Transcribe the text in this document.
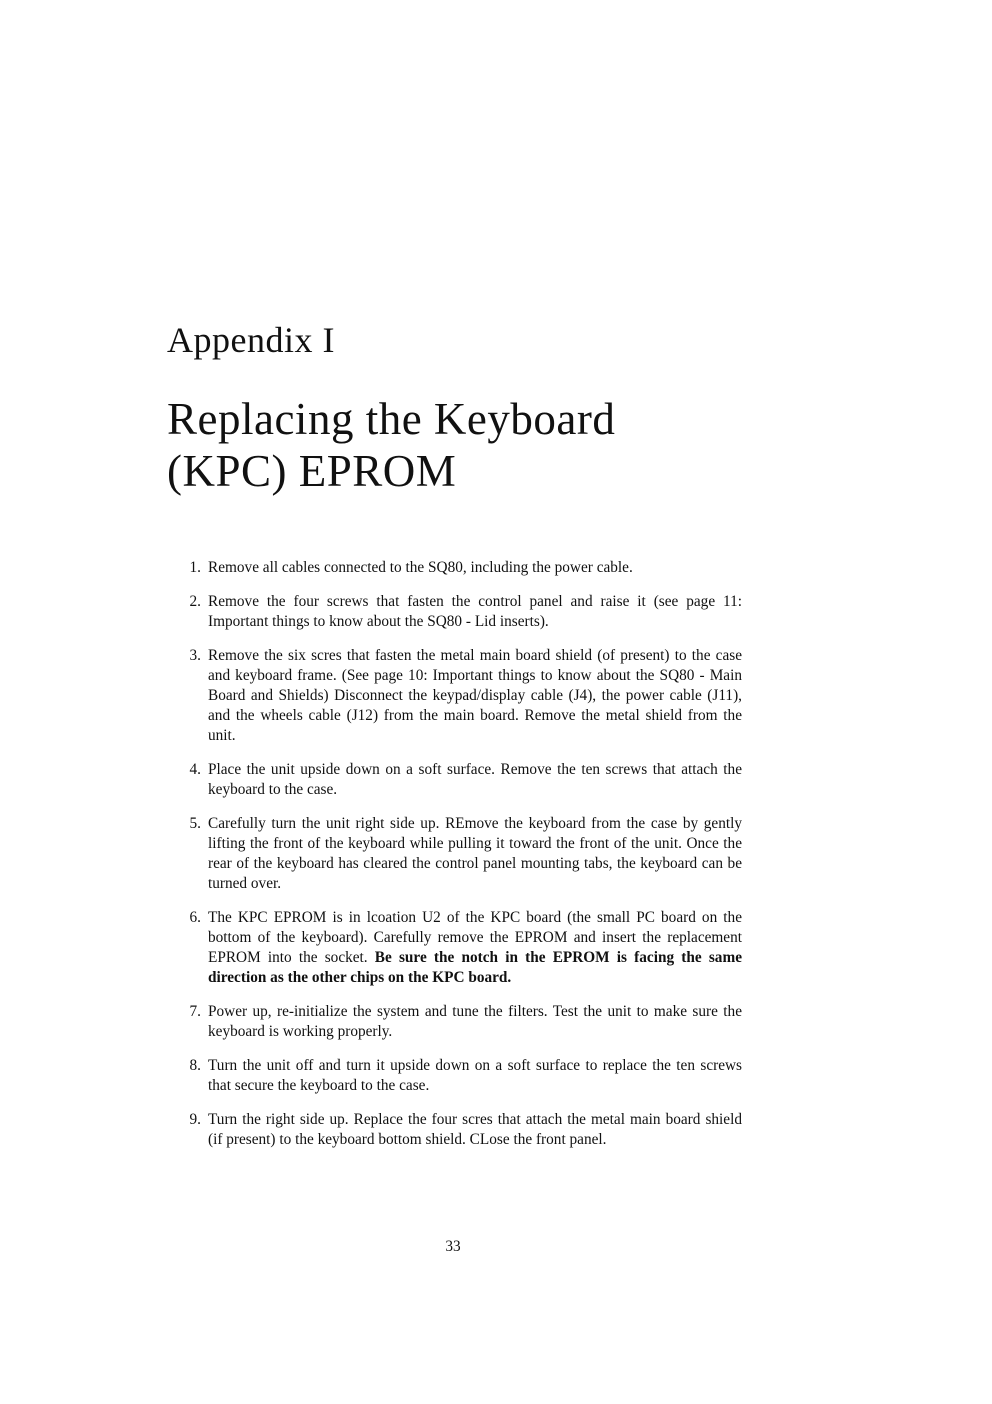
Appendix I
Replacing the Keyboard
(KPC) EPROM
1. Remove all cables connected to the SQ80, including the power cable.
2. Remove the four screws that fasten the control panel and raise it (see page 11: Important things to know about the SQ80 - Lid inserts).
3. Remove the six scres that fasten the metal main board shield (of present) to the case and keyboard frame. (See page 10: Important things to know about the SQ80 - Main Board and Shields) Disconnect the keypad/display cable (J4), the power cable (J11), and the wheels cable (J12) from the main board. Remove the metal shield from the unit.
4. Place the unit upside down on a soft surface. Remove the ten screws that attach the keyboard to the case.
5. Carefully turn the unit right side up. REmove the keyboard from the case by gently lifting the front of the keyboard while pulling it toward the front of the unit. Once the rear of the keyboard has cleared the control panel mounting tabs, the keyboard can be turned over.
6. The KPC EPROM is in lcoation U2 of the KPC board (the small PC board on the bottom of the keyboard). Carefully remove the EPROM and insert the replacement EPROM into the socket. Be sure the notch in the EPROM is facing the same direction as the other chips on the KPC board.
7. Power up, re-initialize the system and tune the filters. Test the unit to make sure the keyboard is working properly.
8. Turn the unit off and turn it upside down on a soft surface to replace the ten screws that secure the keyboard to the case.
9. Turn the right side up. Replace the four scres that attach the metal main board shield (if present) to the keyboard bottom shield. CLose the front panel.
33
